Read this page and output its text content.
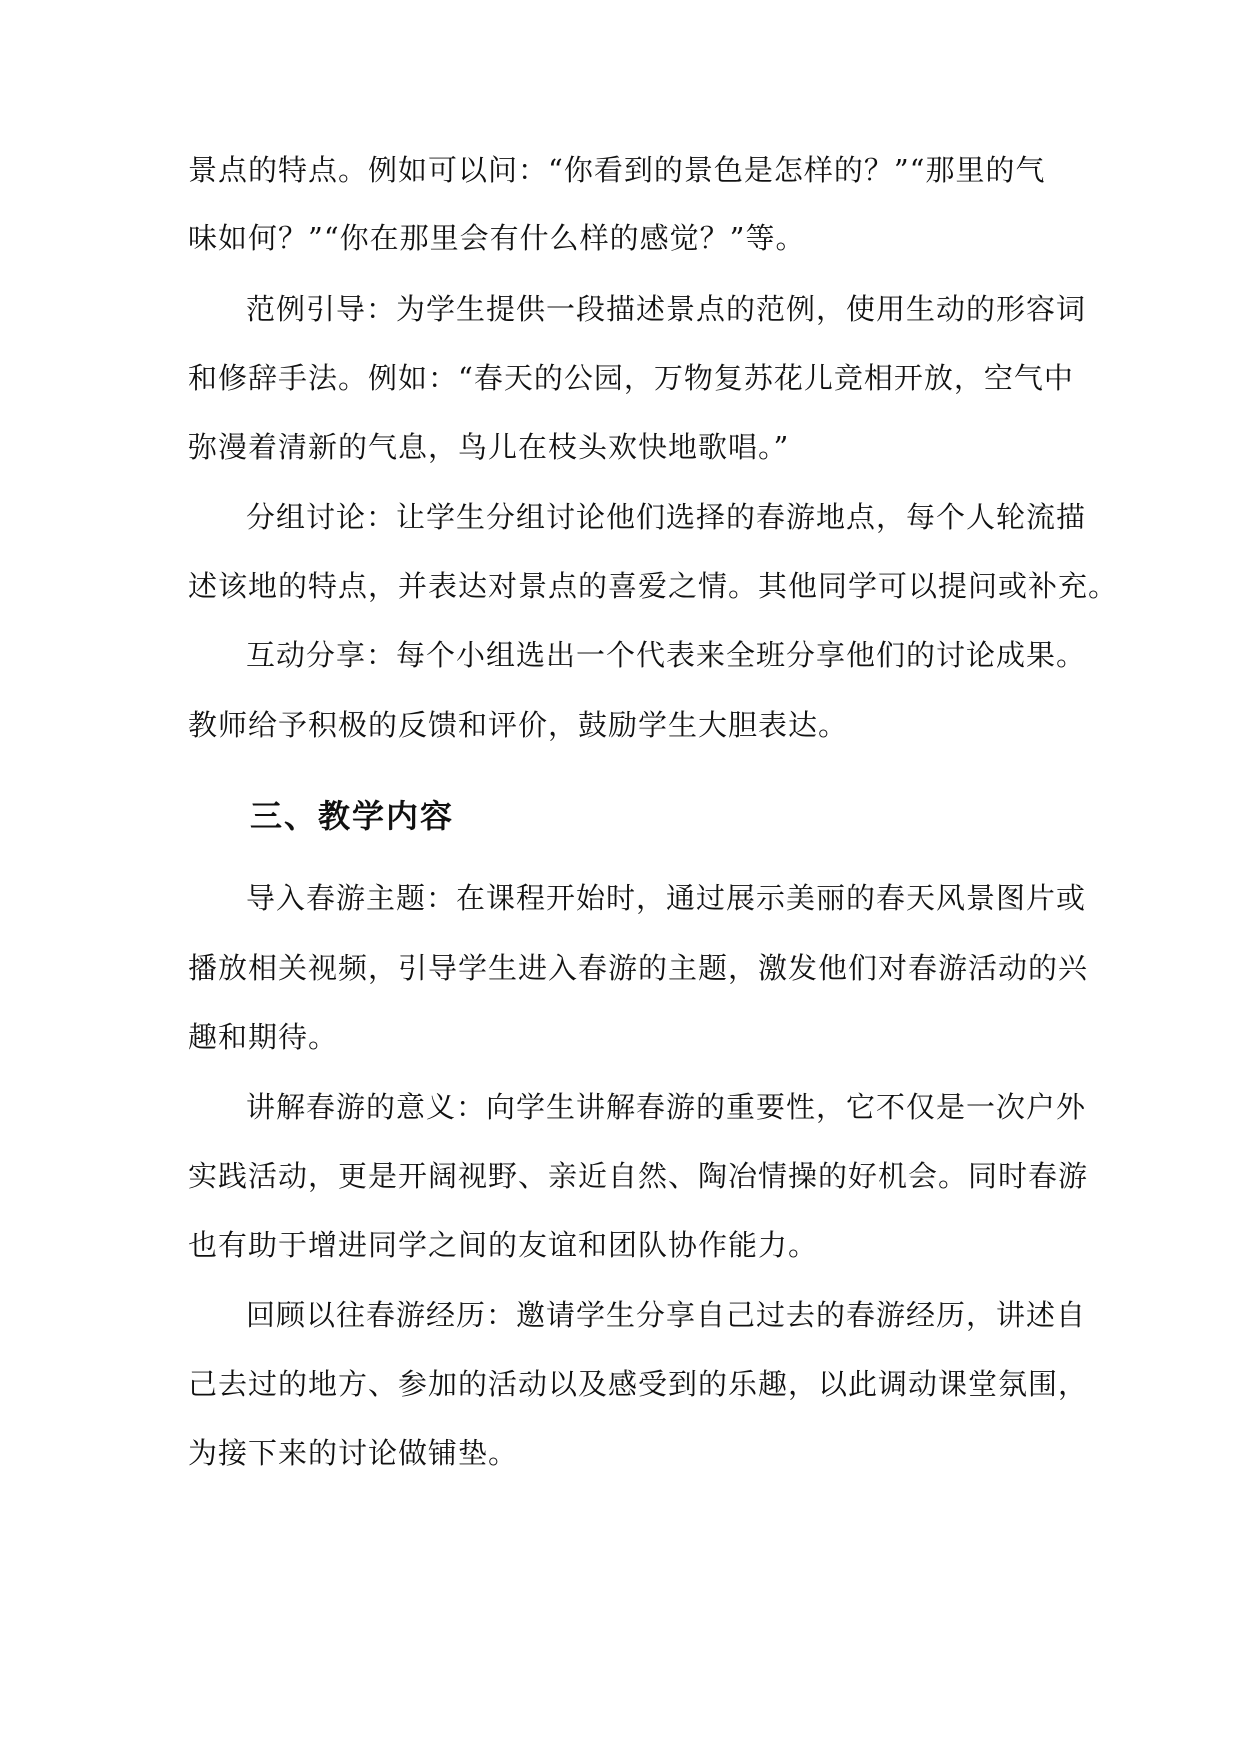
景点的特点。例如可以问：“你看到的景色是怎样的？”“那里的气
味如何？”“你在那里会有什么样的感觉？”等。
范例引导：为学生提供一段描述景点的范例，使用生动的形容词
和修辞手法。例如：“春天的公园，万物复苏花儿竞相开放，空气中
弥漫着清新的气息，鸟儿在枝头欢快地歌唱。”
分组讨论：让学生分组讨论他们选择的春游地点，每个人轮流描
述该地的特点，并表达对景点的喜爱之情。其他同学可以提问或补充。
互动分享：每个小组选出一个代表来全班分享他们的讨论成果。
教师给予积极的反馈和评价，鼓励学生大胆表达。
三、教学内容
导入春游主题：在课程开始时，通过展示美丽的春天风景图片或
播放相关视频，引导学生进入春游的主题，激发他们对春游活动的兴
趣和期待。
讲解春游的意义：向学生讲解春游的重要性，它不仅是一次户外
实践活动，更是开阔视野、亲近自然、陶冶情操的好机会。同时春游
也有助于增进同学之间的友谊和团队协作能力。
回顾以往春游经历：邀请学生分享自己过去的春游经历，讲述自
己去过的地方、参加的活动以及感受到的乐趣，以此调动课堂氛围，
为接下来的讨论做铺垫。
